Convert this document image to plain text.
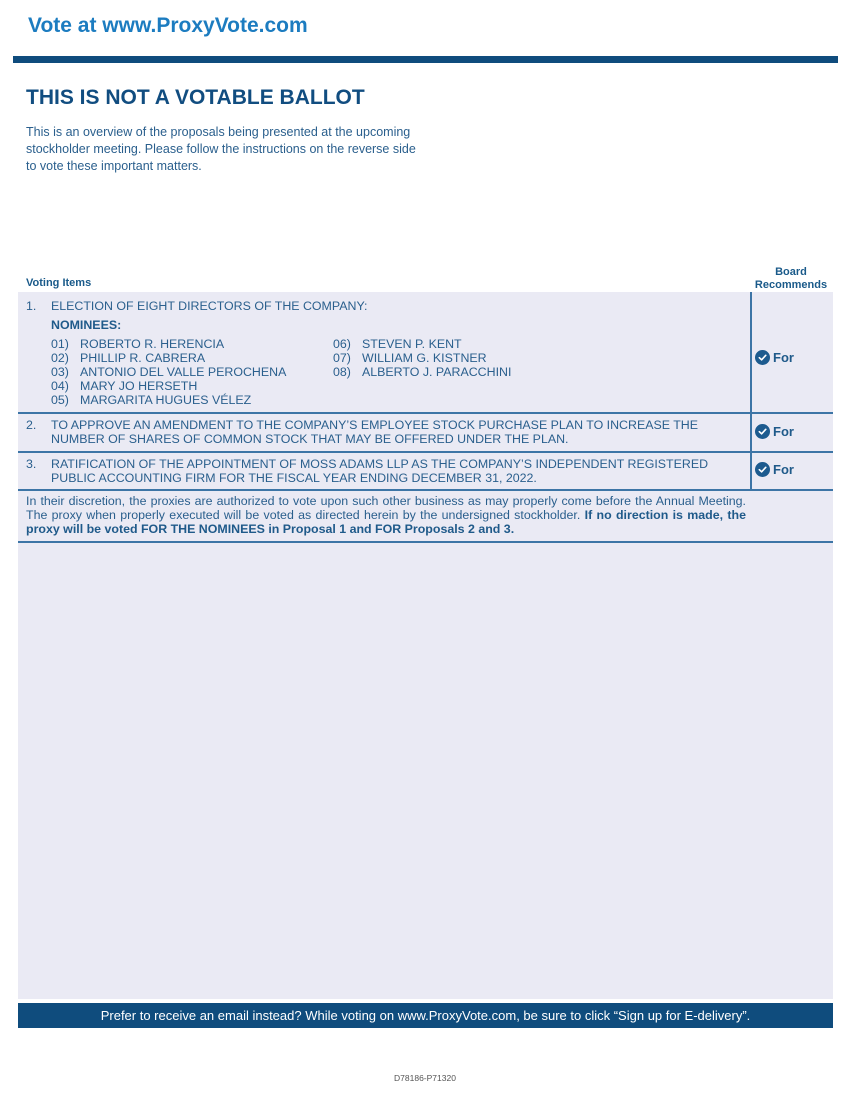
Vote at www.ProxyVote.com
THIS IS NOT A VOTABLE BALLOT
This is an overview of the proposals being presented at the upcoming stockholder meeting. Please follow the instructions on the reverse side to vote these important matters.
Voting Items
Board
Recommends
1. ELECTION OF EIGHT DIRECTORS OF THE COMPANY:
NOMINEES:
01) ROBERTO R. HERENCIA
02) PHILLIP R. CABRERA
03) ANTONIO DEL VALLE PEROCHENA
04) MARY JO HERSETH
05) MARGARITA HUGUES VÉLEZ
06) STEVEN P. KENT
07) WILLIAM G. KISTNER
08) ALBERTO J. PARACCHINI
For
2. TO APPROVE AN AMENDMENT TO THE COMPANY’S EMPLOYEE STOCK PURCHASE PLAN TO INCREASE THE NUMBER OF SHARES OF COMMON STOCK THAT MAY BE OFFERED UNDER THE PLAN.	For
3. RATIFICATION OF THE APPOINTMENT OF MOSS ADAMS LLP AS THE COMPANY’S INDEPENDENT REGISTERED PUBLIC ACCOUNTING FIRM FOR THE FISCAL YEAR ENDING DECEMBER 31, 2022.
For
In their discretion, the proxies are authorized to vote upon such other business as may properly come before the Annual Meeting. The proxy when properly executed will be voted as directed herein by the undersigned stockholder. If no direction is made, the proxy will be voted FOR THE NOMINEES in Proposal 1 and FOR Proposals 2 and 3.
Prefer to receive an email instead? While voting on www.ProxyVote.com, be sure to click “Sign up for E-delivery”.
D78186-P71320
